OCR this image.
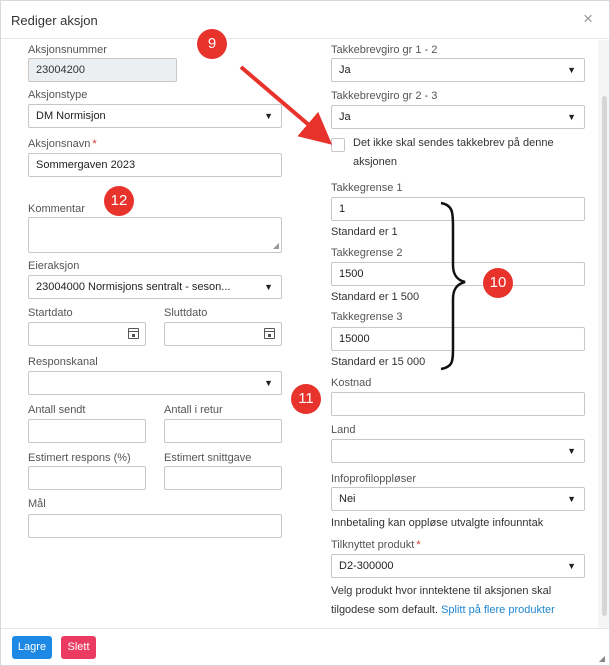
Rediger aksjon	×
Aksjonsnummer
23004200
Aksjonstype
DM Normisjon	▼
Aksjonsnavn *
Sommergaven 2023
Kommentar
◢
Eieraksjon
23004000 Normisjons sentralt - seson...	▼
Startdato	Sluttdato
Responskanal
▼
Antall sendt	Antall i retur
Estimert respons (%)	Estimert snittgave
Mål
Takkebrevgiro gr 1 - 2
Ja	▼
Takkebrevgiro gr 2 - 3
Ja	▼
Det ikke skal sendes takkebrev på denne aksjonen
Takkegrense 1
1
Standard er 1
Takkegrense 2
1500
Standard er 1 500
Takkegrense 3
15000
Standard er 15 000
Kostnad
Land
▼
Infoprofiloppløser
Nei	▼
Innbetaling kan oppløse utvalgte infounntak
Tilknyttet produkt *
D2-300000	▼
Velg produkt hvor inntektene til aksjonen skal tilgodese som default. Splitt på flere produkter
9
12
10
11
Lagre	Slett
◢
